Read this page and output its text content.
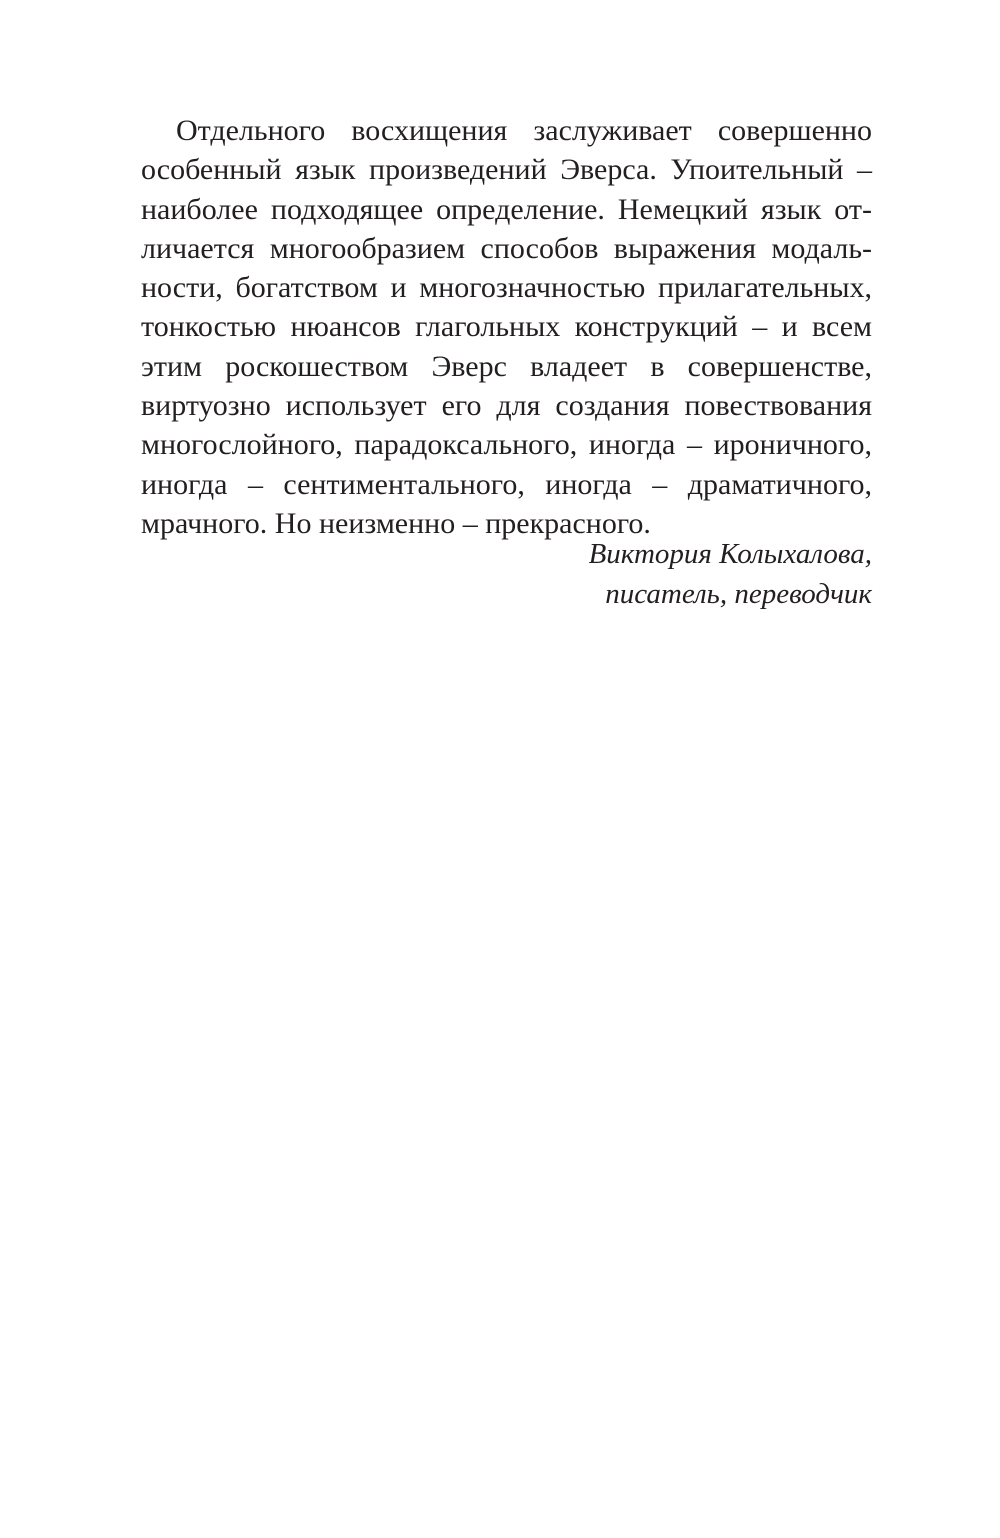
Отдельного восхищения заслуживает совершенно
особенный язык произведений Эверса. Упоительный –
наиболее подходящее определение. Немецкий язык от-
личается многообразием способов выражения модаль-
ности, богатством и многозначностью прилагательных,
тонкостью нюансов глагольных конструкций – и всем
этим роскошеством Эверс владеет в совершенстве,
виртуозно использует его для создания повествования
многослойного, парадоксального, иногда – ироничного,
иногда – сентиментального, иногда – драматичного,
мрачного. Но неизменно – прекрасного.
Виктория Колыхалова,
писатель, переводчик
